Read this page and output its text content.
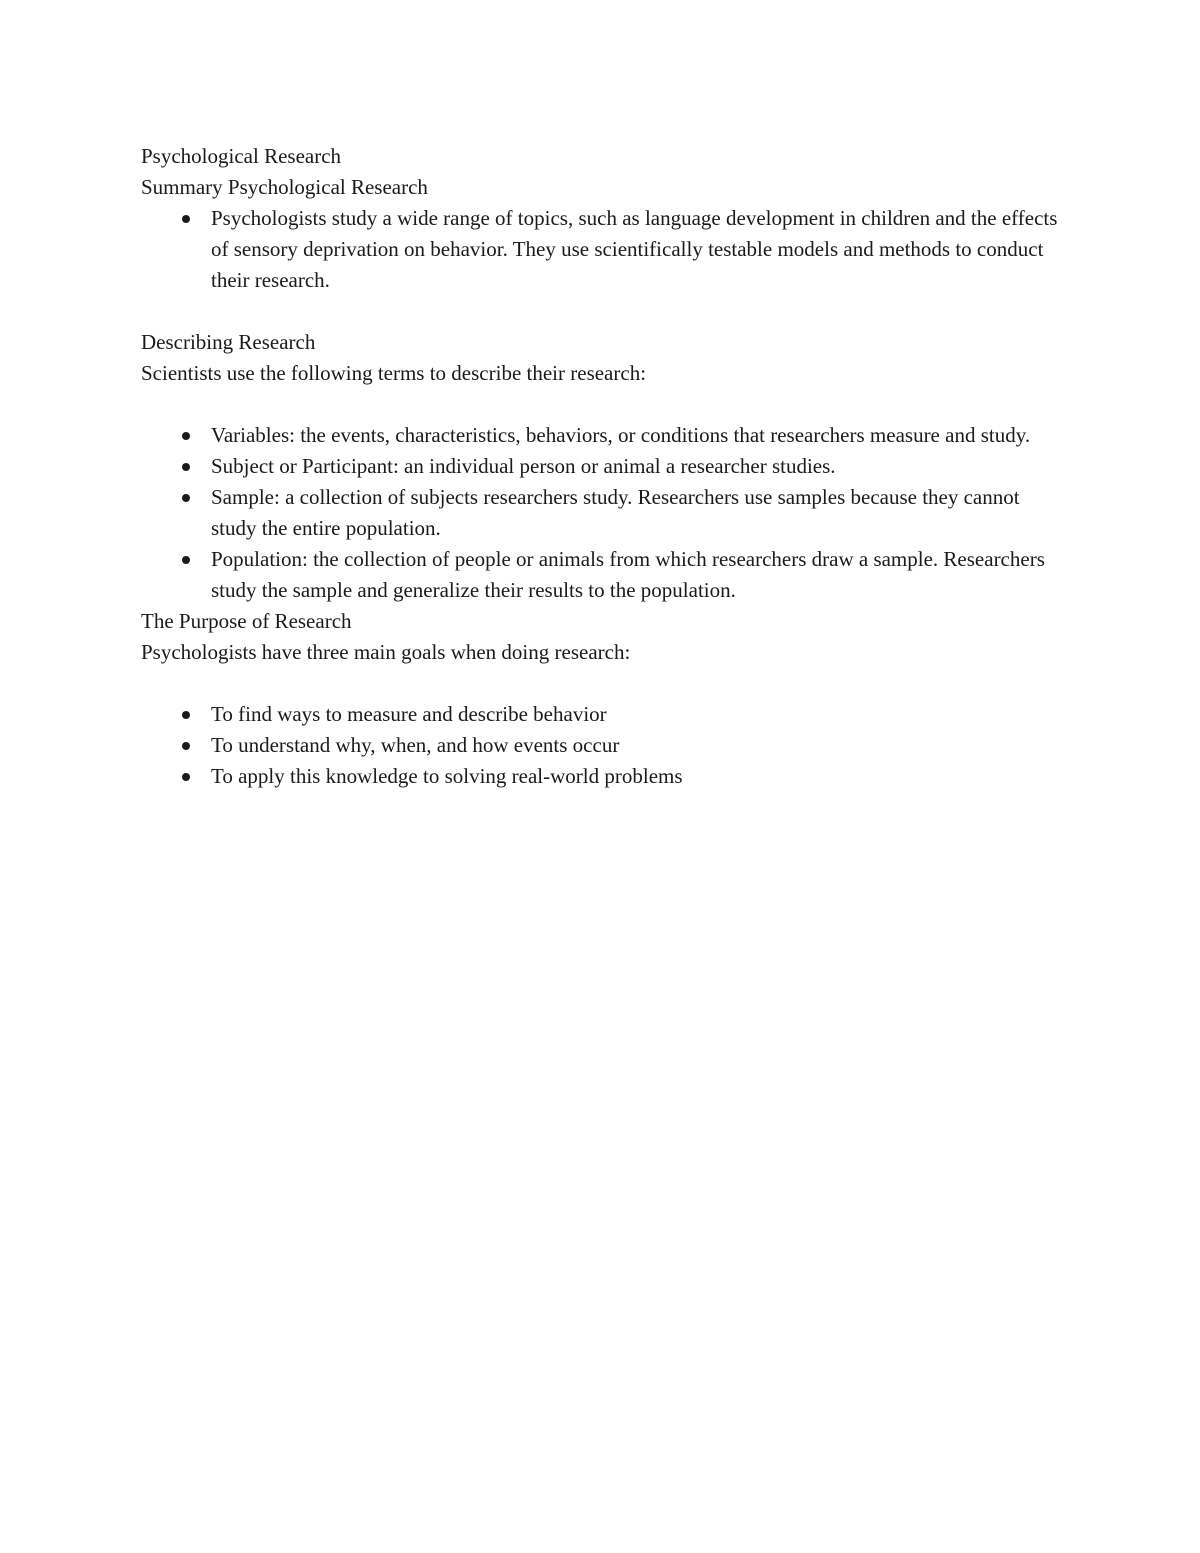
Psychological Research

Summary Psychological Research

Psychologists study a wide range of topics, such as language development in children and the effects of sensory deprivation on behavior. They use scientifically testable models and methods to conduct their research.

Describing Research

Scientists use the following terms to describe their research:

Variables: the events, characteristics, behaviors, or conditions that researchers measure and study.
Subject or Participant: an individual person or animal a researcher studies.
Sample: a collection of subjects researchers study. Researchers use samples because they cannot study the entire population.
Population: the collection of people or animals from which researchers draw a sample. Researchers study the sample and generalize their results to the population.

The Purpose of Research

Psychologists have three main goals when doing research:

To find ways to measure and describe behavior
To understand why, when, and how events occur
To apply this knowledge to solving real-world problems
